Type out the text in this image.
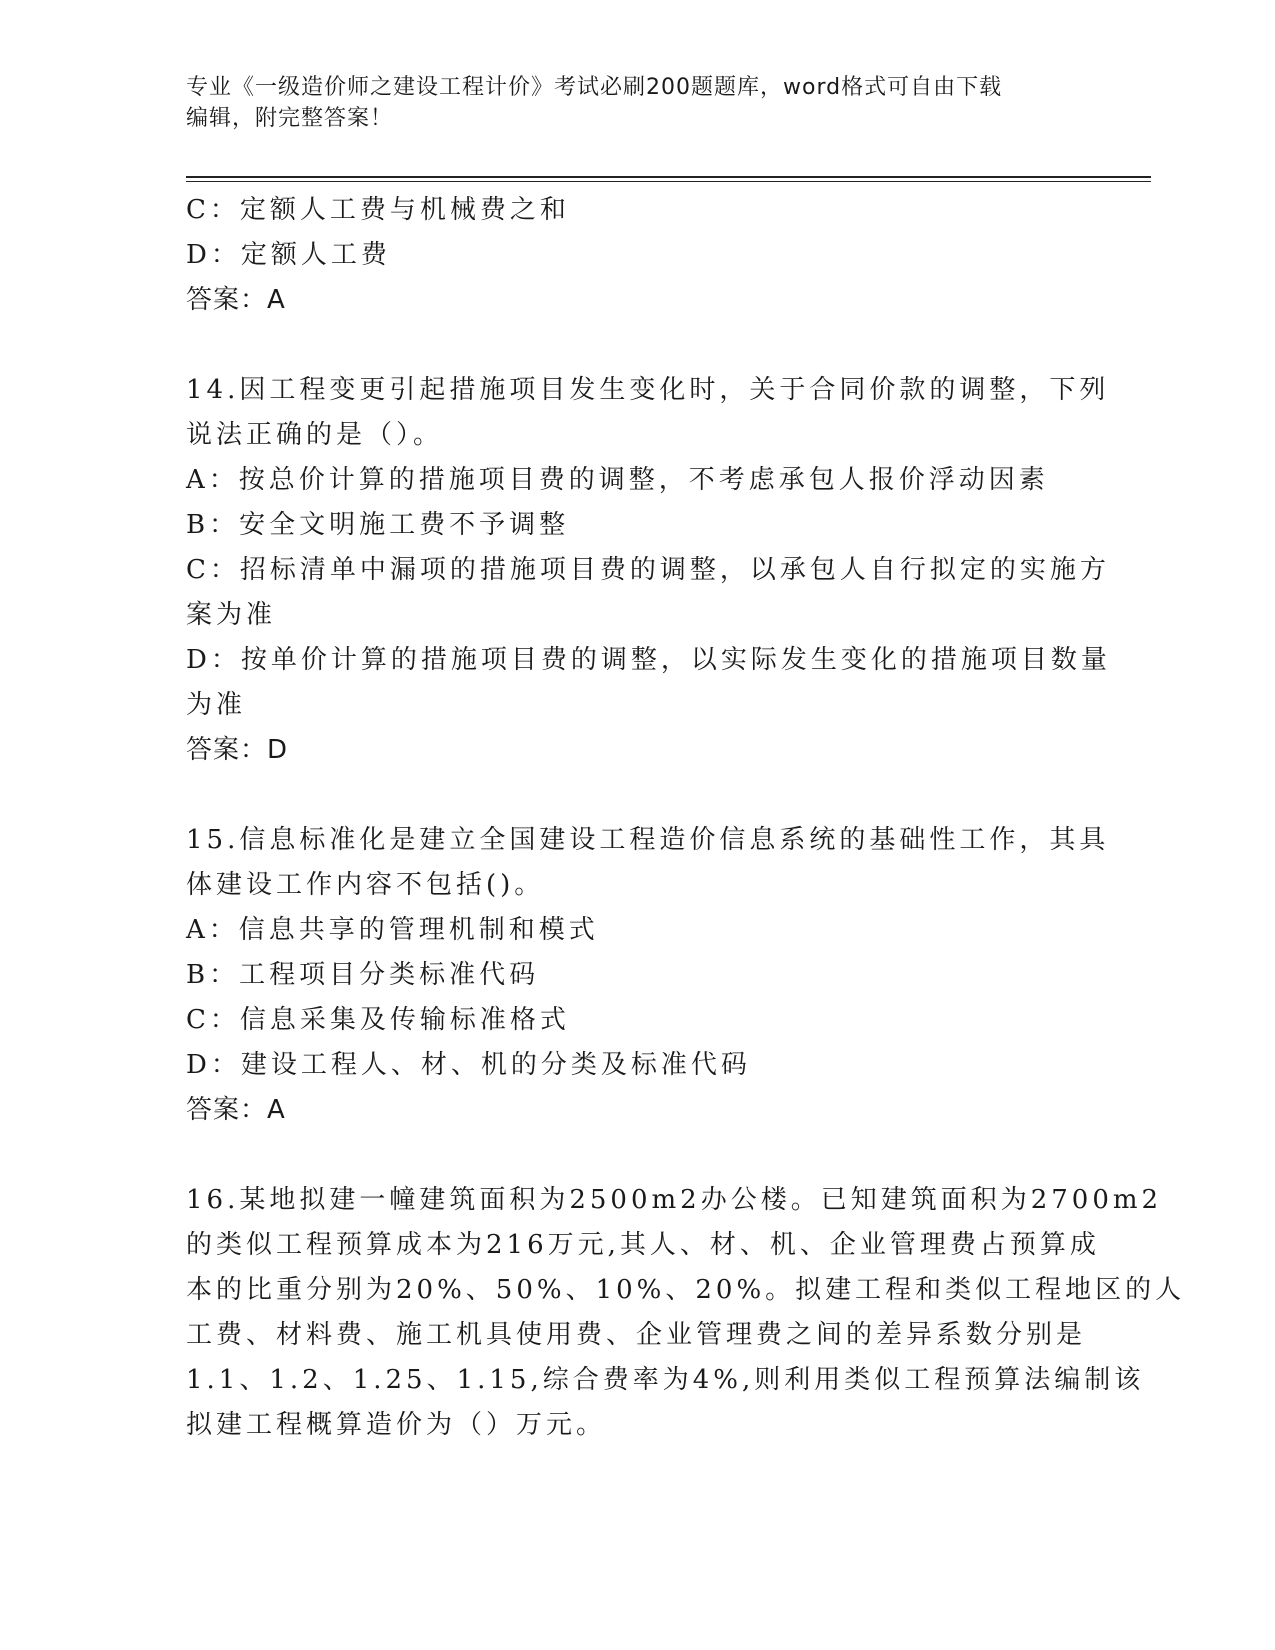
专业《一级造价师之建设工程计价》考试必刷200题题库，word格式可自由下载
编辑，附完整答案！
C：定额人工费与机械费之和
D：定额人工费
答案：A
14.因工程变更引起措施项目发生变化时，关于合同价款的调整，下列
说法正确的是（）。
A：按总价计算的措施项目费的调整，不考虑承包人报价浮动因素
B：安全文明施工费不予调整
C：招标清单中漏项的措施项目费的调整，以承包人自行拟定的实施方
案为准
D：按单价计算的措施项目费的调整，以实际发生变化的措施项目数量
为准
答案：D
15.信息标准化是建立全国建设工程造价信息系统的基础性工作，其具
体建设工作内容不包括()。
A：信息共享的管理机制和模式
B：工程项目分类标准代码
C：信息采集及传输标准格式
D：建设工程人、材、机的分类及标准代码
答案：A
16.某地拟建一幢建筑面积为2500m2办公楼。已知建筑面积为2700m2
的类似工程预算成本为216万元,其人、材、机、企业管理费占预算成
本的比重分别为20%、50%、10%、20%。拟建工程和类似工程地区的人
工费、材料费、施工机具使用费、企业管理费之间的差异系数分别是
1.1、1.2、1.25、1.15,综合费率为4%,则利用类似工程预算法编制该
拟建工程概算造价为（）万元。
